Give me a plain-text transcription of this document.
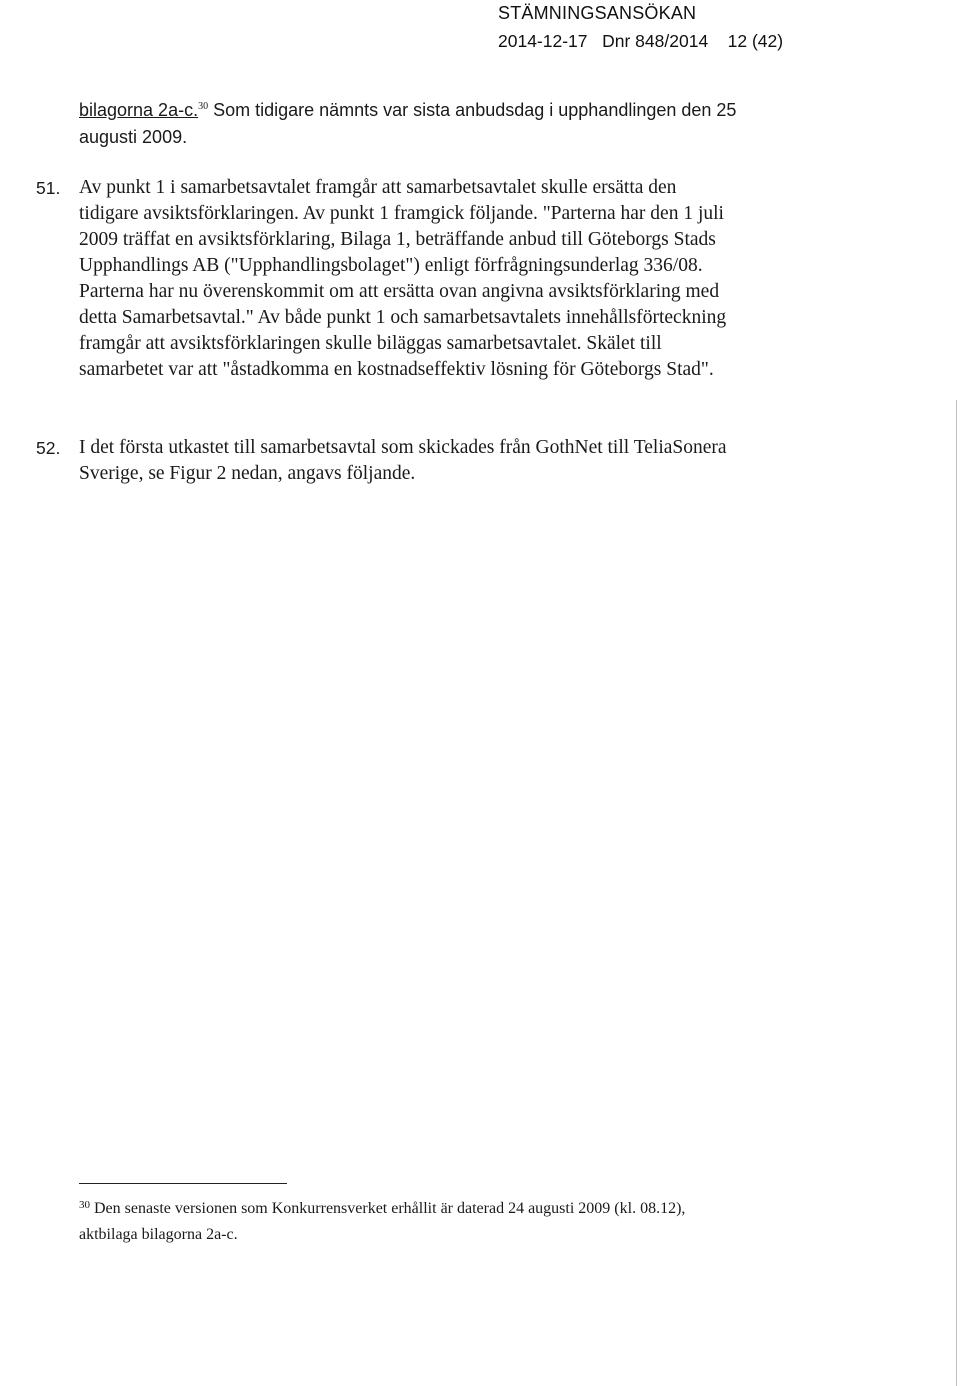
STÄMNINGSANSÖKAN
2014-12-17 Dnr 848/2014 12 (42)
bilagorna 2a-c.$^{30}$ Som tidigare nämnts var sista anbudsdag i upphandlingen den 25 augusti 2009.
51. Av punkt 1 i samarbetsavtalet framgår att samarbetsavtalet skulle ersätta den tidigare avsiktsförklaringen. Av punkt 1 framgick följande. "Parterna har den 1 juli 2009 träffat en avsiktsförklaring, Bilaga 1, beträffande anbud till Göteborgs Stads Upphandlings AB ("Upphandlingsbolaget") enligt förfrågningsunderlag 336/08. Parterna har nu överenskommit om att ersätta ovan angivna avsiktsförklaring med detta Samarbetsavtal." Av både punkt 1 och samarbetsavtalets innehållsförteckning framgår att avsiktsförklaringen skulle biläggas samarbetsavtalet. Skälet till samarbetet var att "åstadkomma en kostnadseffektiv lösning för Göteborgs Stad".
52. I det första utkastet till samarbetsavtal som skickades från GothNet till TeliaSonera Sverige, se Figur 2 nedan, angavs följande.
$^{30}$ Den senaste versionen som Konkurrensverket erhållit är daterad 24 augusti 2009 (kl. 08.12), aktbilaga bilagorna 2a-c.
